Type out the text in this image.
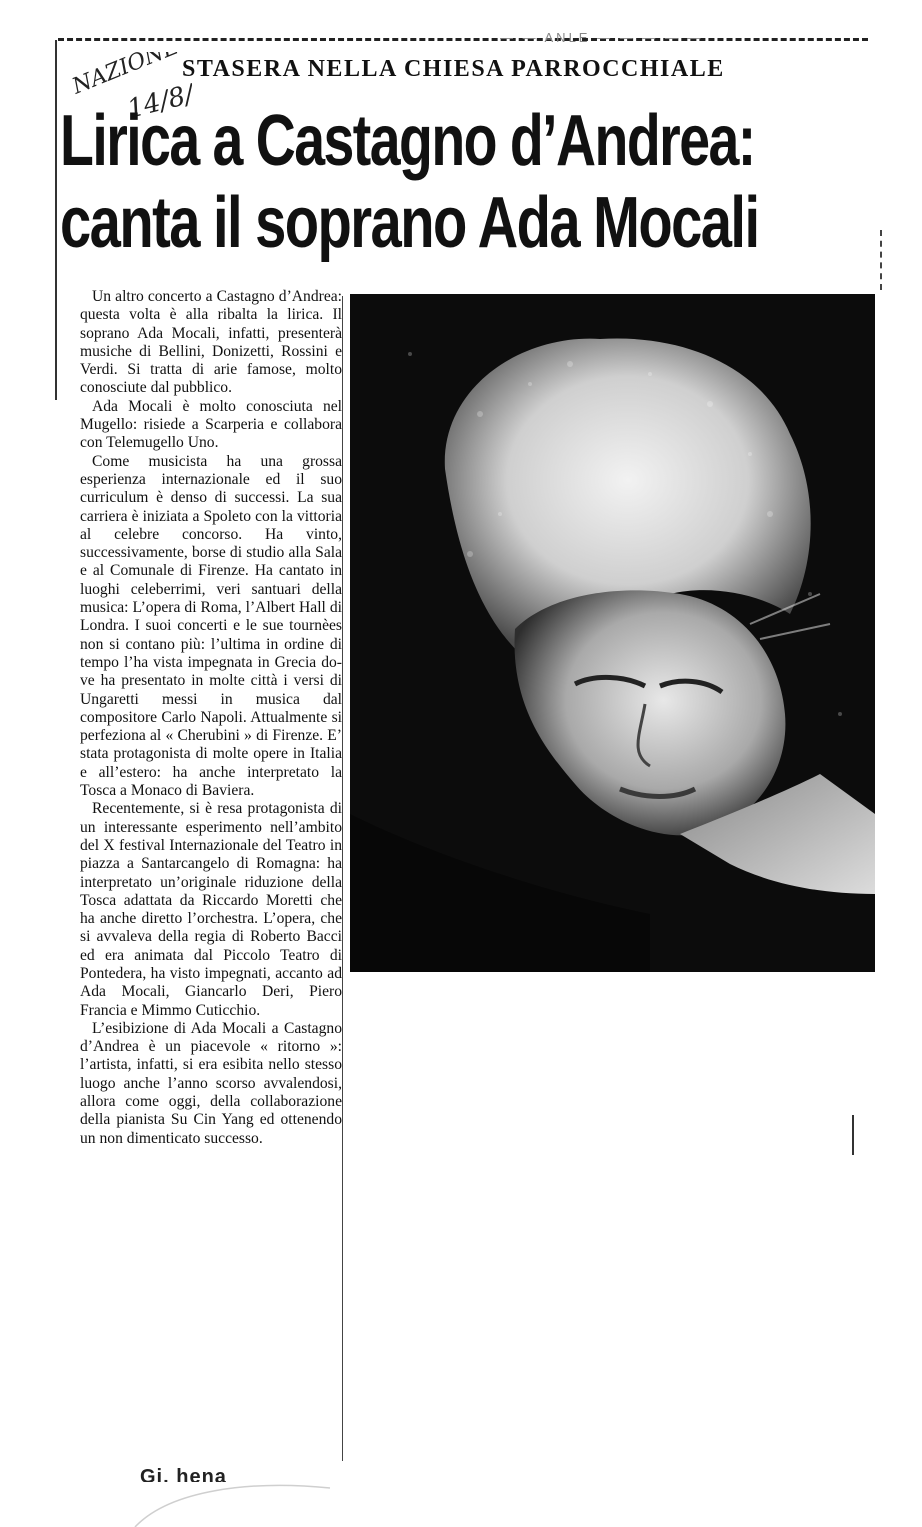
— — ANLE — — — — —
NAZIONE
14/8/8
STASERA NELLA CHIESA PARROCCHIALE
Lirica a Castagno d’Andrea:
canta il soprano Ada Mocali

Un altro concerto a Castagno d’Andrea: questa volta è alla ribalta la lirica. Il soprano Ada Mocali, infatti, presenterà musiche di Bellini, Donizetti, Rossini e Verdi. Si tratta di arie famose, molto conosciute dal pubblico.

Ada Mocali è molto conosciuta nel Mugello: risiede a Scarperia e collabora con Telemugello Uno.

Come musicista ha una grossa esperienza internazionale ed il suo curriculum è denso di successi. La sua carriera è iniziata a Spoleto con la vittoria al celebre concorso. Ha vinto, successivamente, borse di studio alla Sala e al Comunale di Firenze. Ha cantato in luoghi celeberrimi, veri santuari della musica: L’opera di Roma, l’Albert Hall di Londra. I suoi concerti e le sue tournèes non si contano più: l’ultima in ordine di tempo l’ha vista impegnata in Grecia dove ha presentato in molte città i versi di Ungaretti messi in musica dal compositore Carlo Napoli. Attualmente si perfeziona al « Cherubini » di Firenze. E’ stata protagonista di molte opere in Italia e all’estero: ha anche interpretato la Tosca a Monaco di Baviera.

Recentemente, si è resa protagonista di un interessante esperimento nell’ambito del X festival Internazionale del Teatro in piazza a Santarcangelo di Romagna: ha interpretato un’originale riduzione della Tosca adattata da Riccardo Moretti che ha anche diretto l’orchestra. L’opera, che si avvaleva della regia di Roberto Bacci ed era animata dal Piccolo Teatro di Pontedera, ha visto impegnati, accanto ad Ada Mocali, Giancarlo Deri, Piero Francia e Mimmo Cuticchio.

L’esibizione di Ada Mocali a Castagno d’Andrea è un piacevole « ritorno »: l’artista, infatti, si era esibita nello stesso luogo anche l’anno scorso avvalendosi, allora come oggi, della collaborazione della pianista Su Cin Yang ed ottenendo un non dimenticato successo.

Gi. hena
